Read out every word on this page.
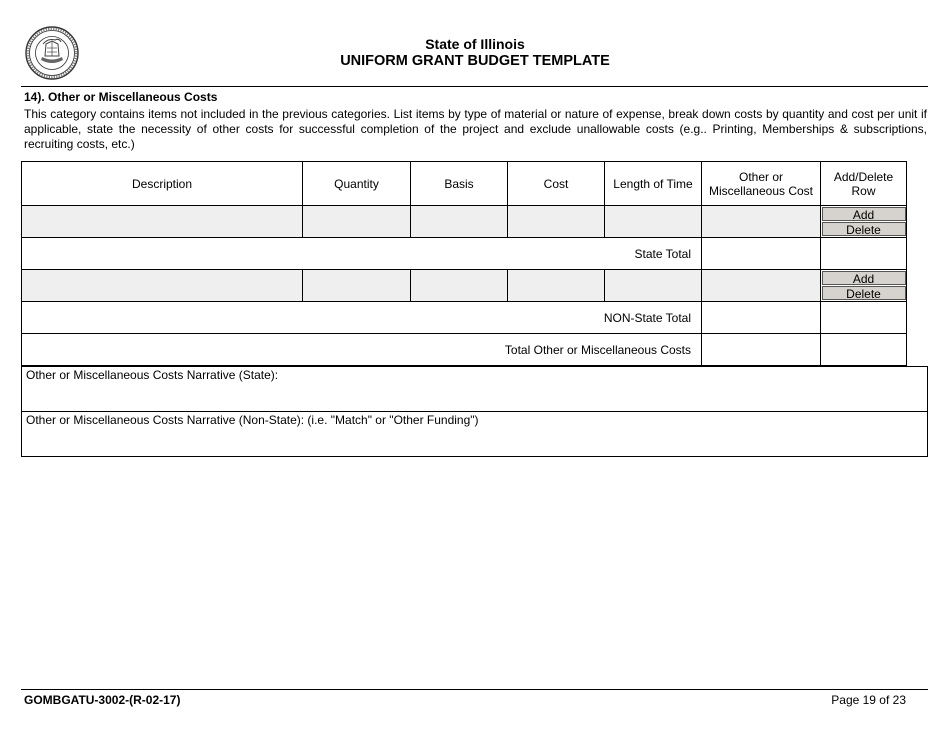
State of Illinois
UNIFORM GRANT BUDGET TEMPLATE
14). Other or Miscellaneous Costs
This category contains items not included in the previous categories. List items by type of material or nature of expense, break down costs by quantity and cost per unit if applicable, state the necessity of other costs for successful completion of the project and exclude unallowable costs (e.g.. Printing, Memberships & subscriptions, recruiting costs, etc.)
Description	Quantity	Basis	Cost	Length of Time	Other or Miscellaneous Cost	Add/Delete Row

						Add
Delete

State Total						

						Add
Delete

NON-State Total						
Total Other or Miscellaneous Costs						
Other or Miscellaneous Costs Narrative (State):
Other or Miscellaneous Costs Narrative (Non-State): (i.e. "Match" or "Other Funding")
GOMBGATU-3002-(R-02-17)	Page 19 of 23
